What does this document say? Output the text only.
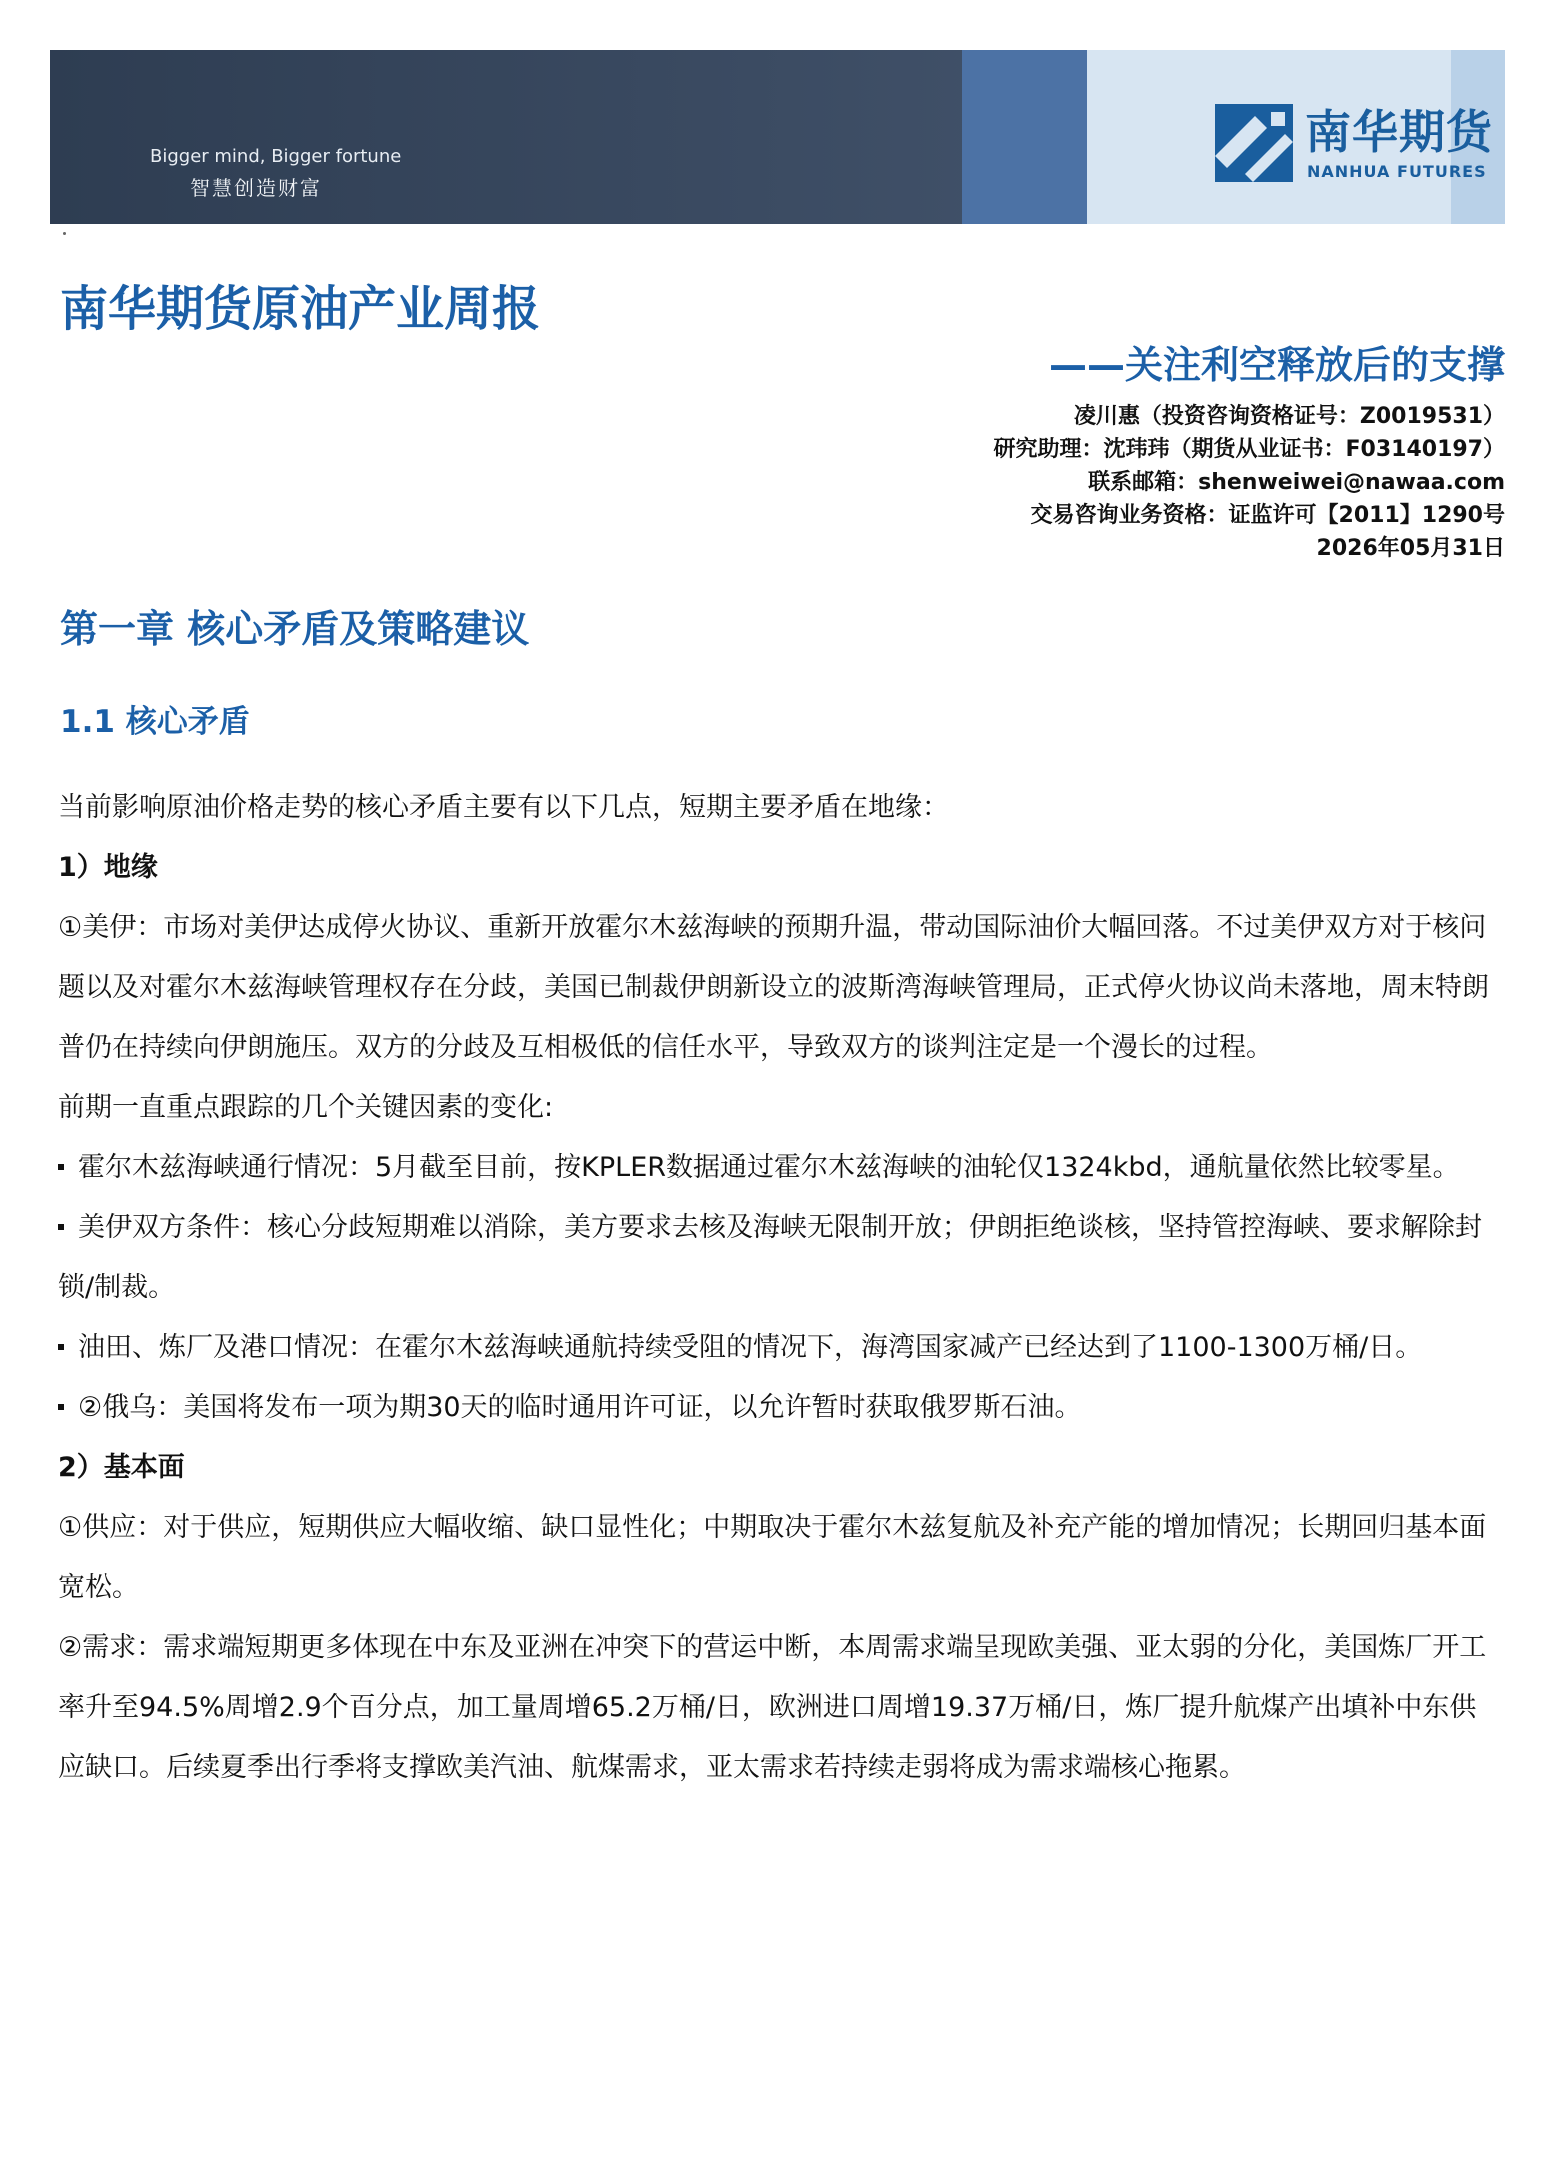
Bigger mind, Bigger fortune
智慧创造财富
南华期货
NANHUA FUTURES
南华期货原油产业周报
——关注利空释放后的支撑
凌川惠（投资咨询资格证号：Z0019531）
研究助理：沈玮玮（期货从业证书：F03140197）
联系邮箱：shenweiwei@nawaa.com
交易咨询业务资格：证监许可【2011】1290号
2026年05月31日
第一章 核心矛盾及策略建议
1.1 核心矛盾

当前影响原油价格走势的核心矛盾主要有以下几点，短期主要矛盾在地缘：

1）地缘

①美伊：市场对美伊达成停火协议、重新开放霍尔木兹海峡的预期升温，带动国际油价大幅回落。不过美伊双方对于核问题以及对霍尔木兹海峡管理权存在分歧，美国已制裁伊朗新设立的波斯湾海峡管理局，正式停火协议尚未落地，周末特朗普仍在持续向伊朗施压。双方的分歧及互相极低的信任水平，导致双方的谈判注定是一个漫长的过程。

前期一直重点跟踪的几个关键因素的变化:

霍尔木兹海峡通行情况：5月截至目前，按KPLER数据通过霍尔木兹海峡的油轮仅1324kbd，通航量依然比较零星。

美伊双方条件：核心分歧短期难以消除，美方要求去核及海峡无限制开放；伊朗拒绝谈核，坚持管控海峡、要求解除封锁/制裁。

油田、炼厂及港口情况：在霍尔木兹海峡通航持续受阻的情况下，海湾国家减产已经达到了1100-1300万桶/日。

②俄乌：美国将发布一项为期30天的临时通用许可证，以允许暂时获取俄罗斯石油。

2）基本面

①供应：对于供应，短期供应大幅收缩、缺口显性化；中期取决于霍尔木兹复航及补充产能的增加情况；长期回归基本面宽松。

②需求：需求端短期更多体现在中东及亚洲在冲突下的营运中断，本周需求端呈现欧美强、亚太弱的分化，美国炼厂开工率升至94.5%周增2.9个百分点，加工量周增65.2万桶/日，欧洲进口周增19.37万桶/日，炼厂提升航煤产出填补中东供应缺口。后续夏季出行季将支撑欧美汽油、航煤需求，亚太需求若持续走弱将成为需求端核心拖累。
